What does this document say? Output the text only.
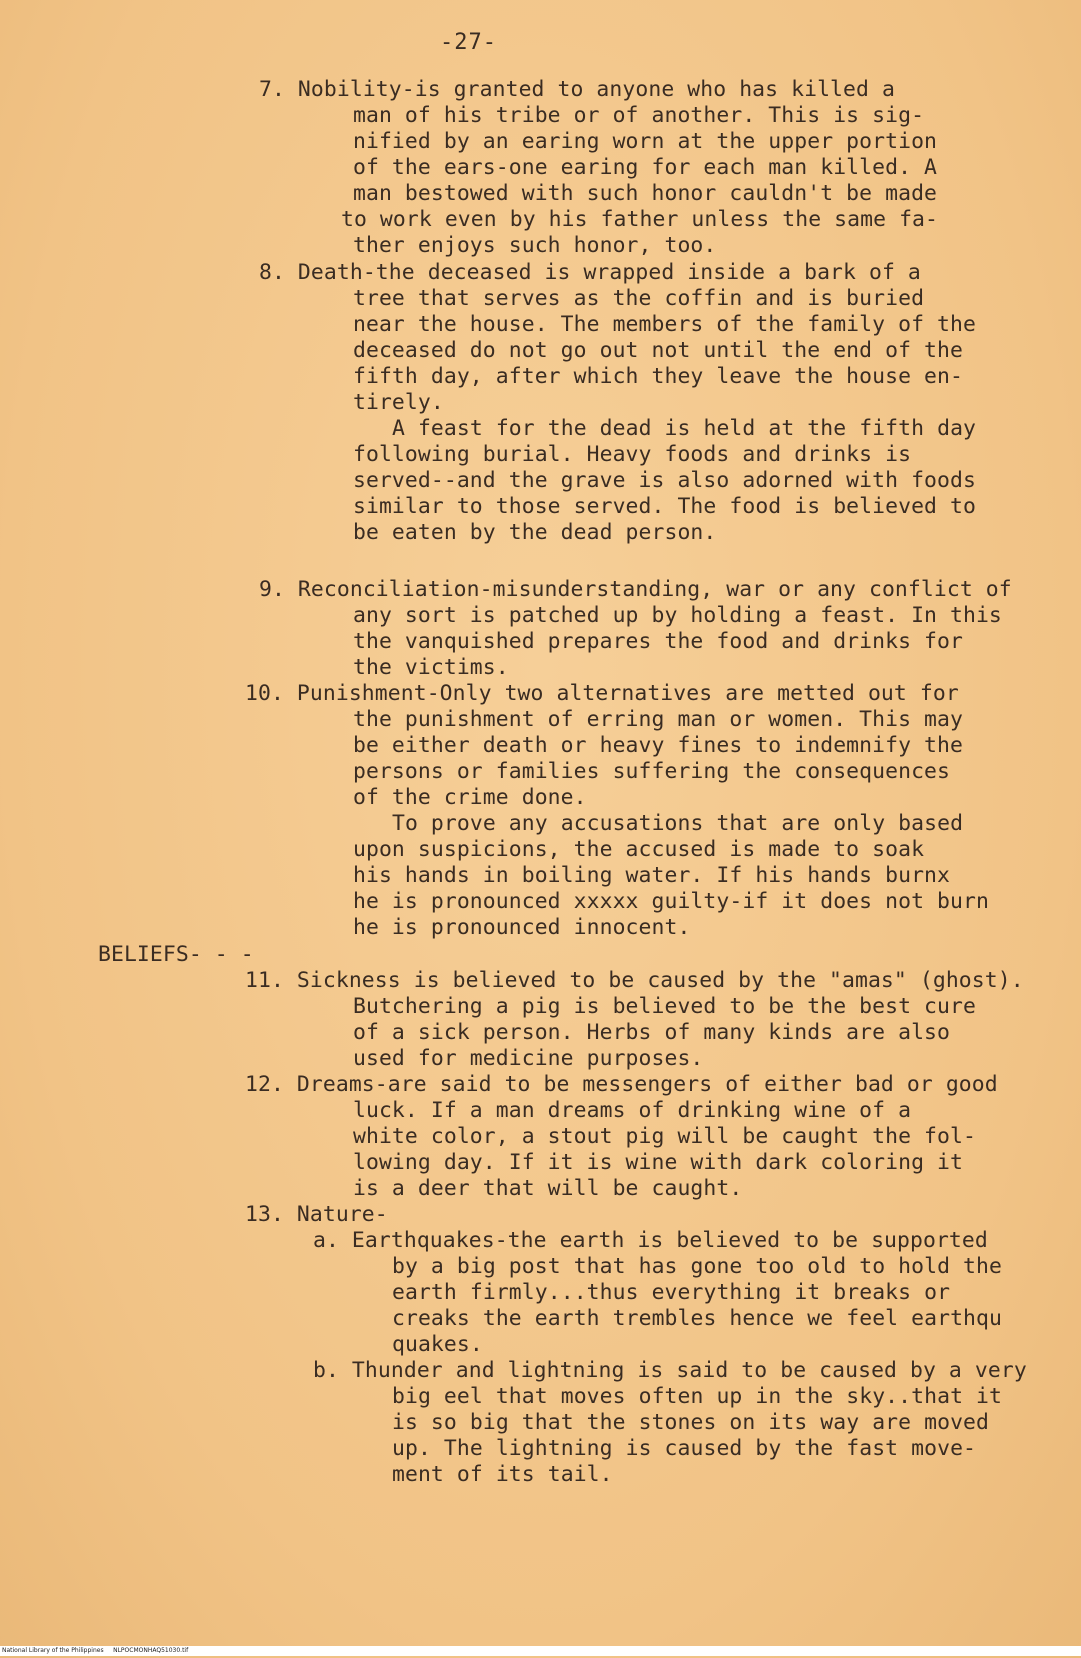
-27-
7. Nobility-is granted to anyone who has killed a
man of his tribe or of another. This is sig-
nified by an earing worn at the upper portion
of the ears-one earing for each man killed. A
man bestowed with such honor cauldn't be made
to work even by his father unless the same fa-
ther enjoys such honor, too.
8. Death-the deceased is wrapped inside a bark of a
tree that serves as the coffin and is buried
near the house. The members of the family of the
deceased do not go out not until the end of the
fifth day, after which they leave the house en-
tirely.
A feast for the dead is held at the fifth day
following burial. Heavy foods and drinks is
served--and the grave is also adorned with foods
similar to those served. The food is believed to
be eaten by the dead person.
9. Reconciliation-misunderstanding, war or any conflict of
any sort is patched up by holding a feast. In this
the vanquished prepares the food and drinks for
the victims.
10. Punishment-Only two alternatives are metted out for
the punishment of erring man or women. This may
be either death or heavy fines to indemnify the
persons or families suffering the consequences
of the crime done.
To prove any accusations that are only based
upon suspicions, the accused is made to soak
his hands in boiling water. If his hands burnx
he is pronounced xxxxx guilty-if it does not burn
he is pronounced innocent.
BELIEFS- - -
11. Sickness is believed to be caused by the "amas" (ghost).
Butchering a pig is believed to be the best cure
of a sick person. Herbs of many kinds are also
used for medicine purposes.
12. Dreams-are said to be messengers of either bad or good
luck. If a man dreams of drinking wine of a
white color, a stout pig will be caught the fol-
lowing day. If it is wine with dark coloring it
is a deer that will be caught.
13. Nature-
a. Earthquakes-the earth is believed to be supported
by a big post that has gone too old to hold the
earth firmly...thus everything it breaks or
creaks the earth trembles hence we feel earthqu
quakes.
b. Thunder and lightning is said to be caused by a very
big eel that moves often up in the sky..that it
is so big that the stones on its way are moved
up. The lightning is caused by the fast move-
ment of its tail.
National Library of the Philippines     NLPOCMONHAQ51030.tif
